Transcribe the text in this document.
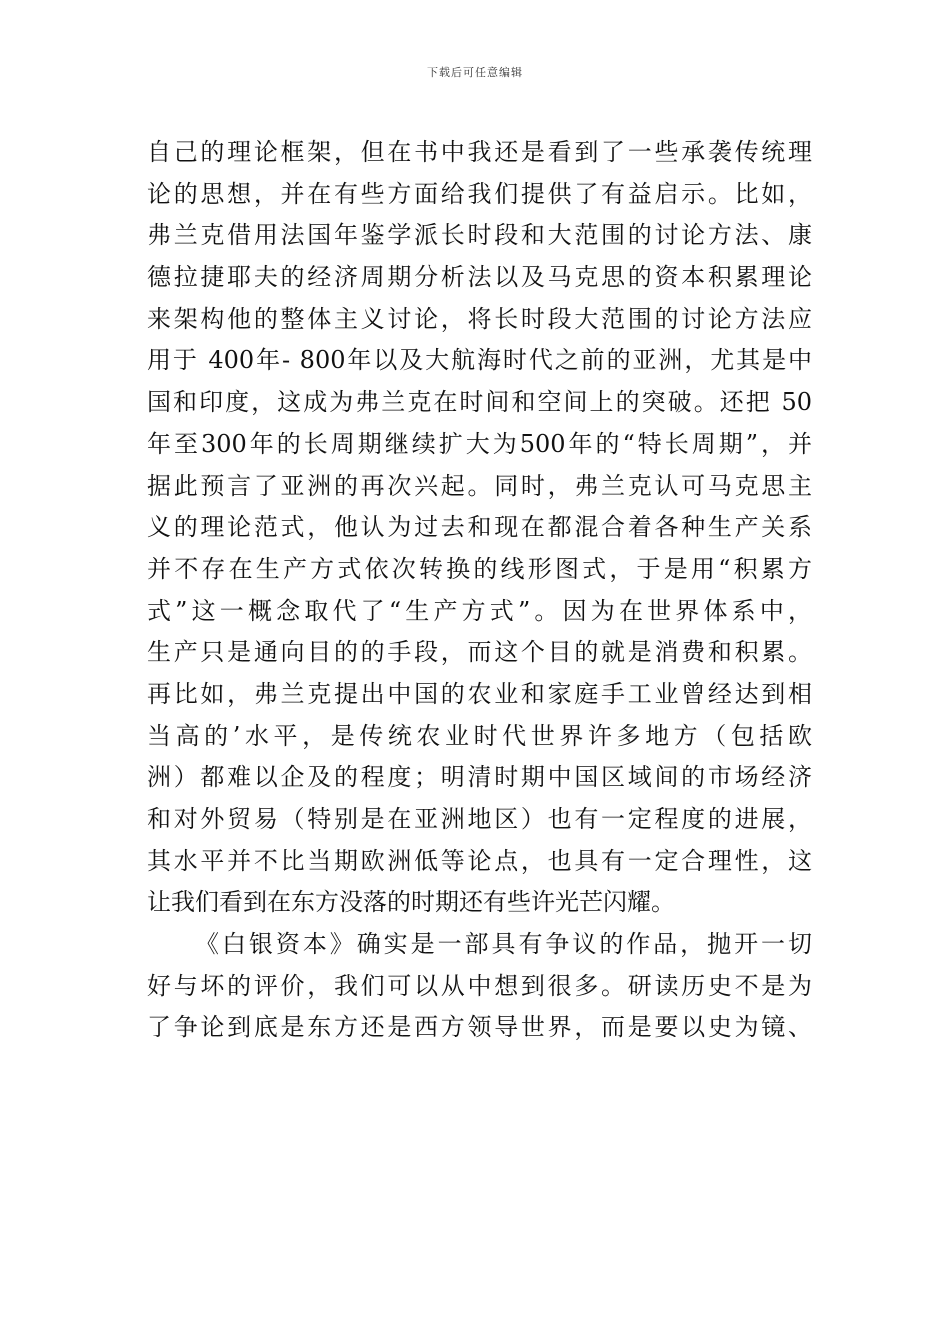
下载后可任意编辑
自己的理论框架，但在书中我还是看到了一些承袭传统理
论的思想，并在有些方面给我们提供了有益启示。比如，
弗兰克借用法国年鉴学派长时段和大范围的讨论方法、康
德拉捷耶夫的经济周期分析法以及马克思的资本积累理论
来架构他的整体主义讨论，将长时段大范围的讨论方法应
用于 400年- 800年以及大航海时代之前的亚洲，尤其是中
国和印度，这成为弗兰克在时间和空间上的突破。还把 50
年至300年的长周期继续扩大为500年的“特长周期”，并
据此预言了亚洲的再次兴起。同时，弗兰克认可马克思主
义的理论范式，他认为过去和现在都混合着各种生产关系
并不存在生产方式依次转换的线形图式，于是用“积累方
式”这一概念取代了“生产方式”。因为在世界体系中，
生产只是通向目的的手段，而这个目的就是消费和积累。
再比如，弗兰克提出中国的农业和家庭手工业曾经达到相
当高的’水平，是传统农业时代世界许多地方（包括欧
洲）都难以企及的程度；明清时期中国区域间的市场经济
和对外贸易（特别是在亚洲地区）也有一定程度的进展，
其水平并不比当期欧洲低等论点，也具有一定合理性，这
让我们看到在东方没落的时期还有些许光芒闪耀。
《白银资本》确实是一部具有争议的作品，抛开一切
好与坏的评价，我们可以从中想到很多。研读历史不是为
了争论到底是东方还是西方领导世界，而是要以史为镜、
